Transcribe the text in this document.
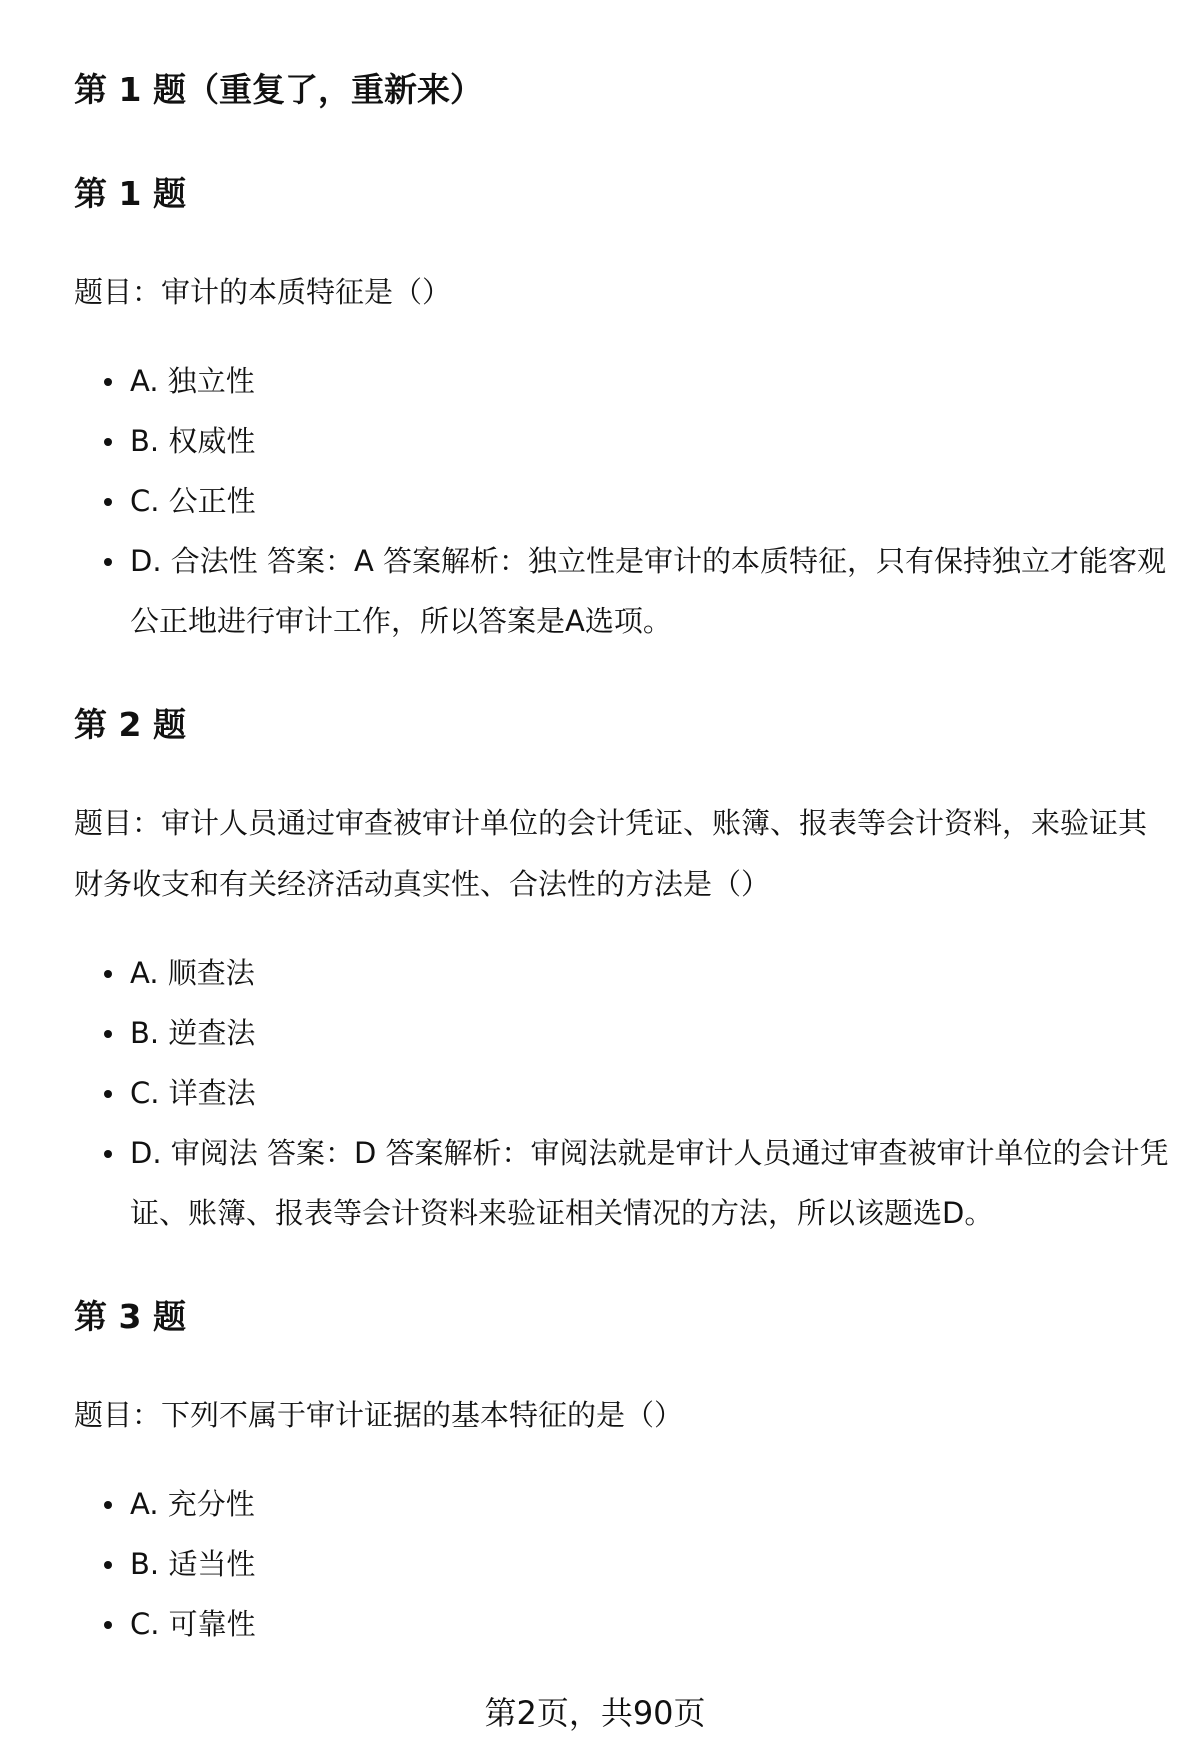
第 1 题（重复了，重新来）
第 1 题
题目：审计的本质特征是（）
A. 独立性
B. 权威性
C. 公正性
D. 合法性 答案：A 答案解析：独立性是审计的本质特征，只有保持独立才能客观公正地进行审计工作，所以答案是A选项。
第 2 题
题目：审计人员通过审查被审计单位的会计凭证、账簿、报表等会计资料，来验证其财务收支和有关经济活动真实性、合法性的方法是（）
A. 顺查法
B. 逆查法
C. 详查法
D. 审阅法 答案：D 答案解析：审阅法就是审计人员通过审查被审计单位的会计凭证、账簿、报表等会计资料来验证相关情况的方法，所以该题选D。
第 3 题
题目：下列不属于审计证据的基本特征的是（）
A. 充分性
B. 适当性
C. 可靠性
第2页，共90页
